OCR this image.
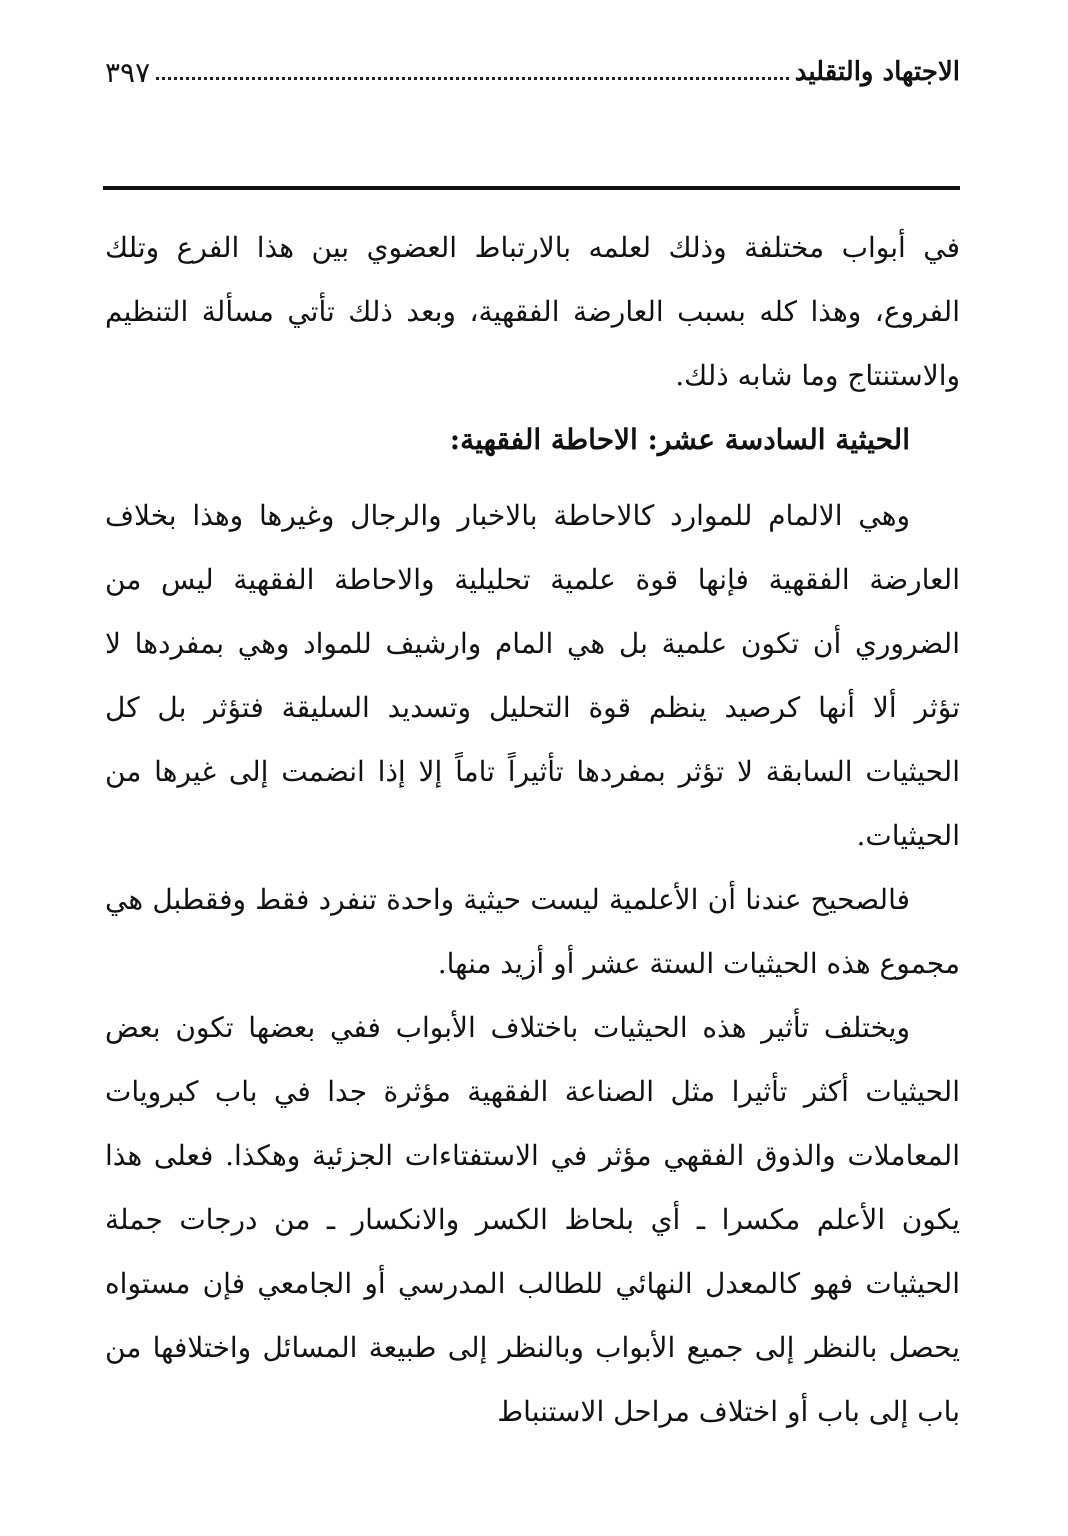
الاجتهاد والتقليد
٣٩٧

في أبواب مختلفة وذلك لعلمه بالارتباط العضوي بين هذا الفرع وتلك الفروع، وهذا كله بسبب العارضة الفقهية، وبعد ذلك تأتي مسألة التنظيم والاستنتاج وما شابه ذلك.

الحيثية السادسة عشر: الاحاطة الفقهية:

وهي الالمام للموارد كالاحاطة بالاخبار والرجال وغيرها وهذا بخلاف العارضة الفقهية فإنها قوة علمية تحليلية والاحاطة الفقهية ليس من الضروري أن تكون علمية بل هي المام وارشيف للمواد وهي بمفردها لا تؤثر ألا أنها كرصيد ينظم قوة التحليل وتسديد السليقة فتؤثر بل كل الحيثيات السابقة لا تؤثر بمفردها تأثيراً تاماً إلا إذا انضمت إلى غيرها من الحيثيات.

فالصحيح عندنا أن الأعلمية ليست حيثية واحدة تنفرد فقط وفقطبل هي مجموع هذه الحيثيات الستة عشر أو أزيد منها.

ويختلف تأثير هذه الحيثيات باختلاف الأبواب ففي بعضها تكون بعض الحيثيات أكثر تأثيرا مثل الصناعة الفقهية مؤثرة جدا في باب كبرويات المعاملات والذوق الفقهي مؤثر في الاستفتاءات الجزئية وهكذا. فعلى هذا يكون الأعلم مكسرا ـ أي بلحاظ الكسر والانكسار ـ من درجات جملة الحيثيات فهو كالمعدل النهائي للطالب المدرسي أو الجامعي فإن مستواه يحصل بالنظر إلى جميع الأبواب وبالنظر إلى طبيعة المسائل واختلافها من باب إلى باب أو اختلاف مراحل الاستنباط
